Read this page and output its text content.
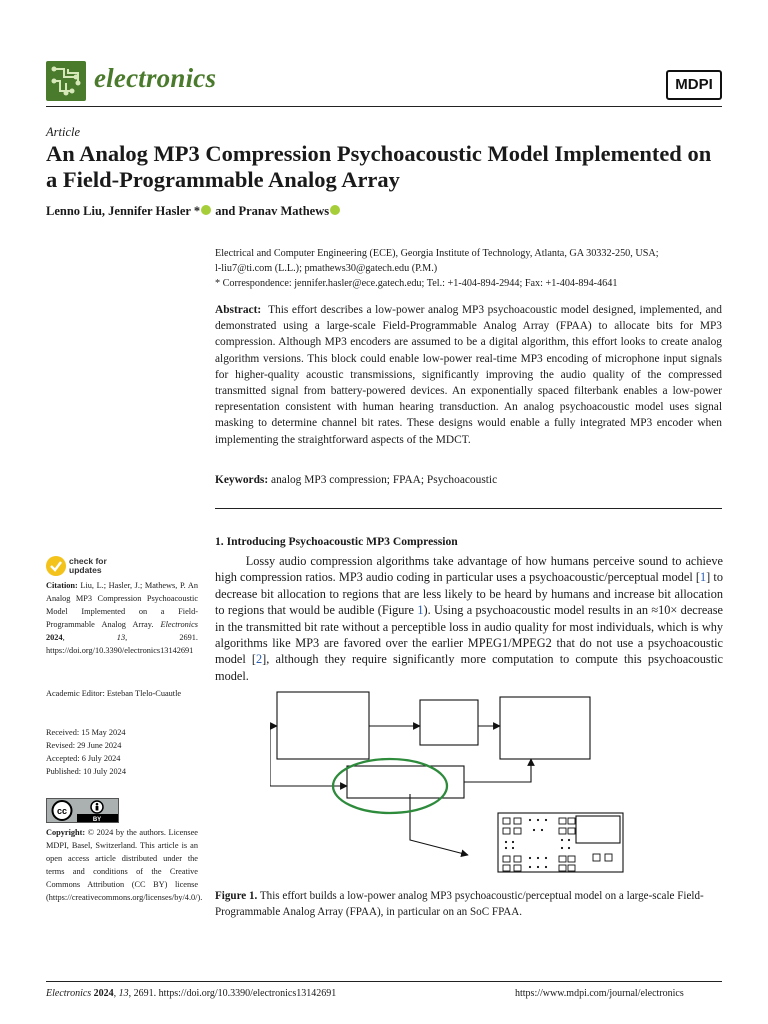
electronics	MDPI
Article
An Analog MP3 Compression Psychoacoustic Model Implemented on a Field-Programmable Analog Array
Lenno Liu, Jennifer Hasler * and Pranav Mathews
Electrical and Computer Engineering (ECE), Georgia Institute of Technology, Atlanta, GA 30332-250, USA;
l-liu7@ti.com (L.L.); pmathews30@gatech.edu (P.M.)
* Correspondence: jennifer.hasler@ece.gatech.edu; Tel.: +1-404-894-2944; Fax: +1-404-894-4641
Abstract: This effort describes a low-power analog MP3 psychoacoustic model designed, implemented, and demonstrated using a large-scale Field-Programmable Analog Array (FPAA) to allocate bits for MP3 compression. Although MP3 encoders are assumed to be a digital algorithm, this effort looks to create analog algorithm versions. This block could enable low-power real-time MP3 encoding of microphone input signals for higher-quality acoustic transmissions, significantly improving the audio quality of the compressed transmitted signal from battery-powered devices. An exponentially spaced filterbank enables a low-power representation consistent with human hearing transduction. An analog psychoacoustic model uses signal masking to determine channel bit rates. These designs would enable a fully integrated MP3 encoder when implementing the straightforward aspects of the MDCT.
Keywords: analog MP3 compression; FPAA; Psychoacoustic
1. Introducing Psychoacoustic MP3 Compression
   Lossy audio compression algorithms take advantage of how humans perceive sound to achieve high compression ratios. MP3 audio coding in particular uses a psychoacoustic/perceptual model [1] to decrease bit allocation to regions that are less likely to be heard by humans and increase bit allocation to regions that would be audible (Figure 1). Using a psychoacoustic model results in an ≈10× decrease in the transmitted bit rate without a perceptible loss in audio quality for most individuals, which is why algorithms like MP3 are favored over the earlier MPEG1/MPEG2 that do not use a psychoacoustic model [2], although they require significantly more computation to compute this psychoacoustic model.
check for
updates
Citation: Liu, L.; Hasler, J.; Mathews, P. An Analog MP3 Compression Psychoacoustic Model Implemented on a Field-Programmable Analog Array. Electronics 2024, 13, 2691. https://doi.org/10.3390/electronics13142691
Academic Editor: Esteban Tlelo-Cuautle
Received: 15 May 2024
Revised: 29 June 2024
Accepted: 6 July 2024
Published: 10 July 2024
cc
BY
Copyright: © 2024 by the authors. Licensee MDPI, Basel, Switzerland. This article is an open access article distributed under the terms and conditions of the Creative Commons Attribution (CC BY) license (https://creativecommons.org/licenses/by/4.0/). Figure 1. This effort builds a low-power analog MP3 psychoacoustic/perceptual model on a large-scale Field-Programmable Analog Array (FPAA), in particular on an SoC FPAA.
Electronics 2024, 13, 2691. https://doi.org/10.3390/electronics13142691	https://www.mdpi.com/journal/electronics
